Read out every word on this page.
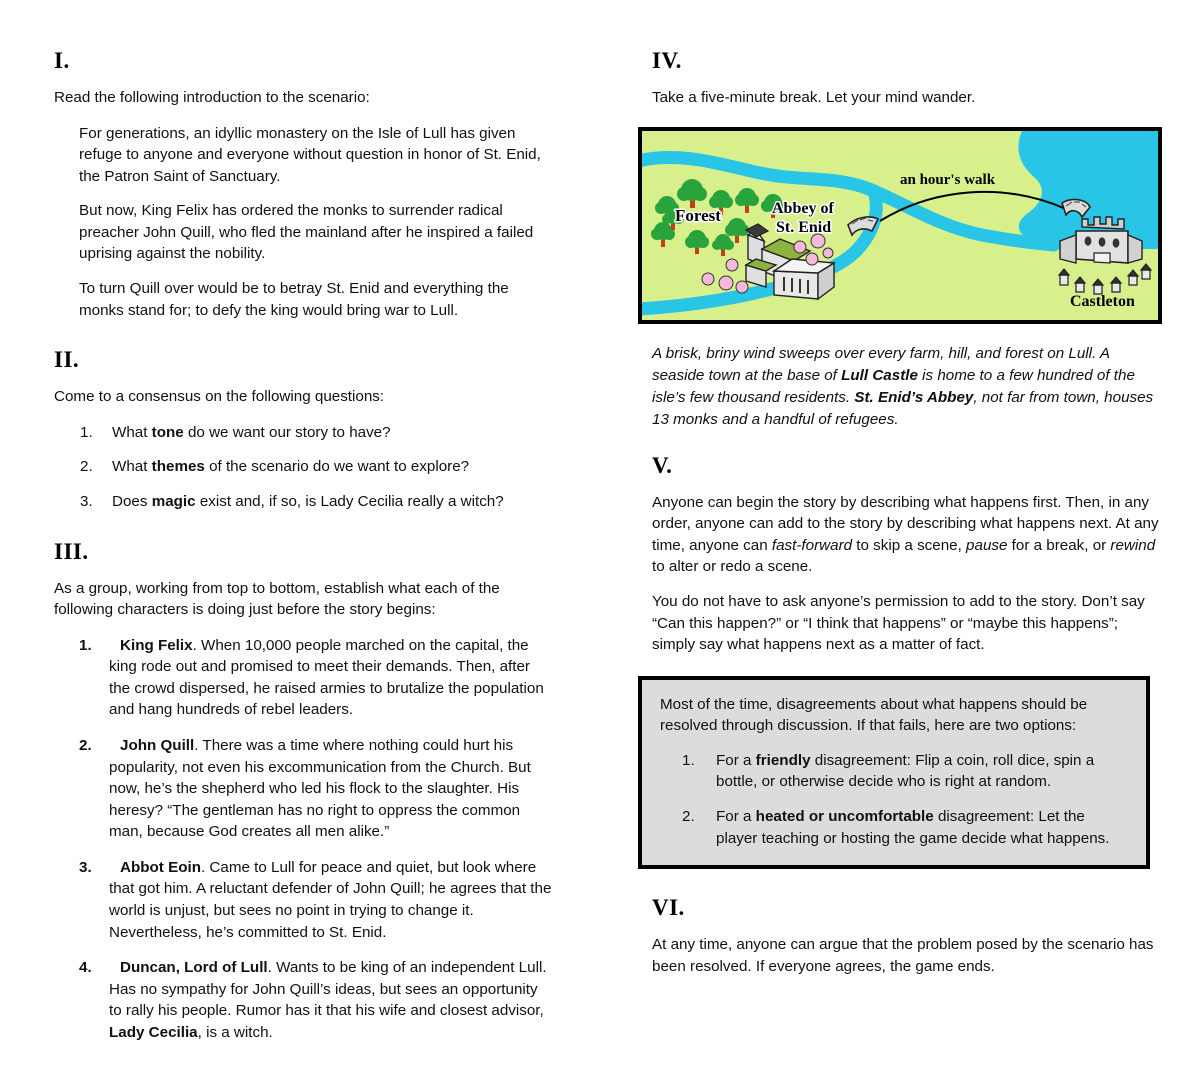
I.

Read the following introduction to the scenario:

For generations, an idyllic monastery on the Isle of Lull has given refuge to anyone and everyone without question in honor of St. Enid, the Patron Saint of Sanctuary.

But now, King Felix has ordered the monks to surrender radical preacher John Quill, who fled the mainland after he inspired a failed uprising against the nobility.

To turn Quill over would be to betray St. Enid and everything the monks stand for; to defy the king would bring war to Lull.

II.

Come to a consensus on the following questions:

1. What tone do we want our story to have?
2. What themes of the scenario do we want to explore?
3. Does magic exist and, if so, is Lady Cecilia really a witch?
III.

As a group, working from top to bottom, establish what each of the following characters is doing just before the story begins:

1. King Felix. When 10,000 people marched on the capital, the king rode out and promised to meet their demands. Then, after the crowd dispersed, he raised armies to brutalize the population and hang hundreds of rebel leaders.
2. John Quill. There was a time where nothing could hurt his popularity, not even his excommunication from the Church. But now, he’s the shepherd who led his flock to the slaughter. His heresy? “The gentleman has no right to oppress the common man, because God creates all men alike.”
3. Abbot Eoin. Came to Lull for peace and quiet, but look where that got him. A reluctant defender of John Quill; he agrees that the world is unjust, but sees no point in trying to change it. Nevertheless, he’s committed to St. Enid.
4. Duncan, Lord of Lull. Wants to be king of an independent Lull. Has no sympathy for John Quill’s ideas, but sees an opportunity to rally his people. Rumor has it that his wife and closest advisor, Lady Cecilia, is a witch.
IV.

Take a five-minute break. Let your mind wander.

Forest	Abbey of
St. Enid
an hour's walk
Castleton

A brisk, briny wind sweeps over every farm, hill, and forest on Lull. A seaside town at the base of Lull Castle is home to a few hundred of the isle’s few thousand residents. St. Enid’s Abbey, not far from town, houses 13 monks and a handful of refugees.

V.

Anyone can begin the story by describing what happens first. Then, in any order, anyone can add to the story by describing what happens next. At any time, anyone can fast-forward to skip a scene, pause for a break, or rewind to alter or redo a scene.

You do not have to ask anyone’s permission to add to the story. Don’t say “Can this happen?” or “I think that happens” or “maybe this happens”; simply say what happens next as a matter of fact.

Most of the time, disagreements about what happens should be resolved through discussion. If that fails, here are two options:

1. For a friendly disagreement: Flip a coin, roll dice, spin a bottle, or otherwise decide who is right at random.
2. For a heated or uncomfortable disagreement: Let the player teaching or hosting the game decide what happens.
VI.

At any time, anyone can argue that the problem posed by the scenario has been resolved. If everyone agrees, the game ends.
